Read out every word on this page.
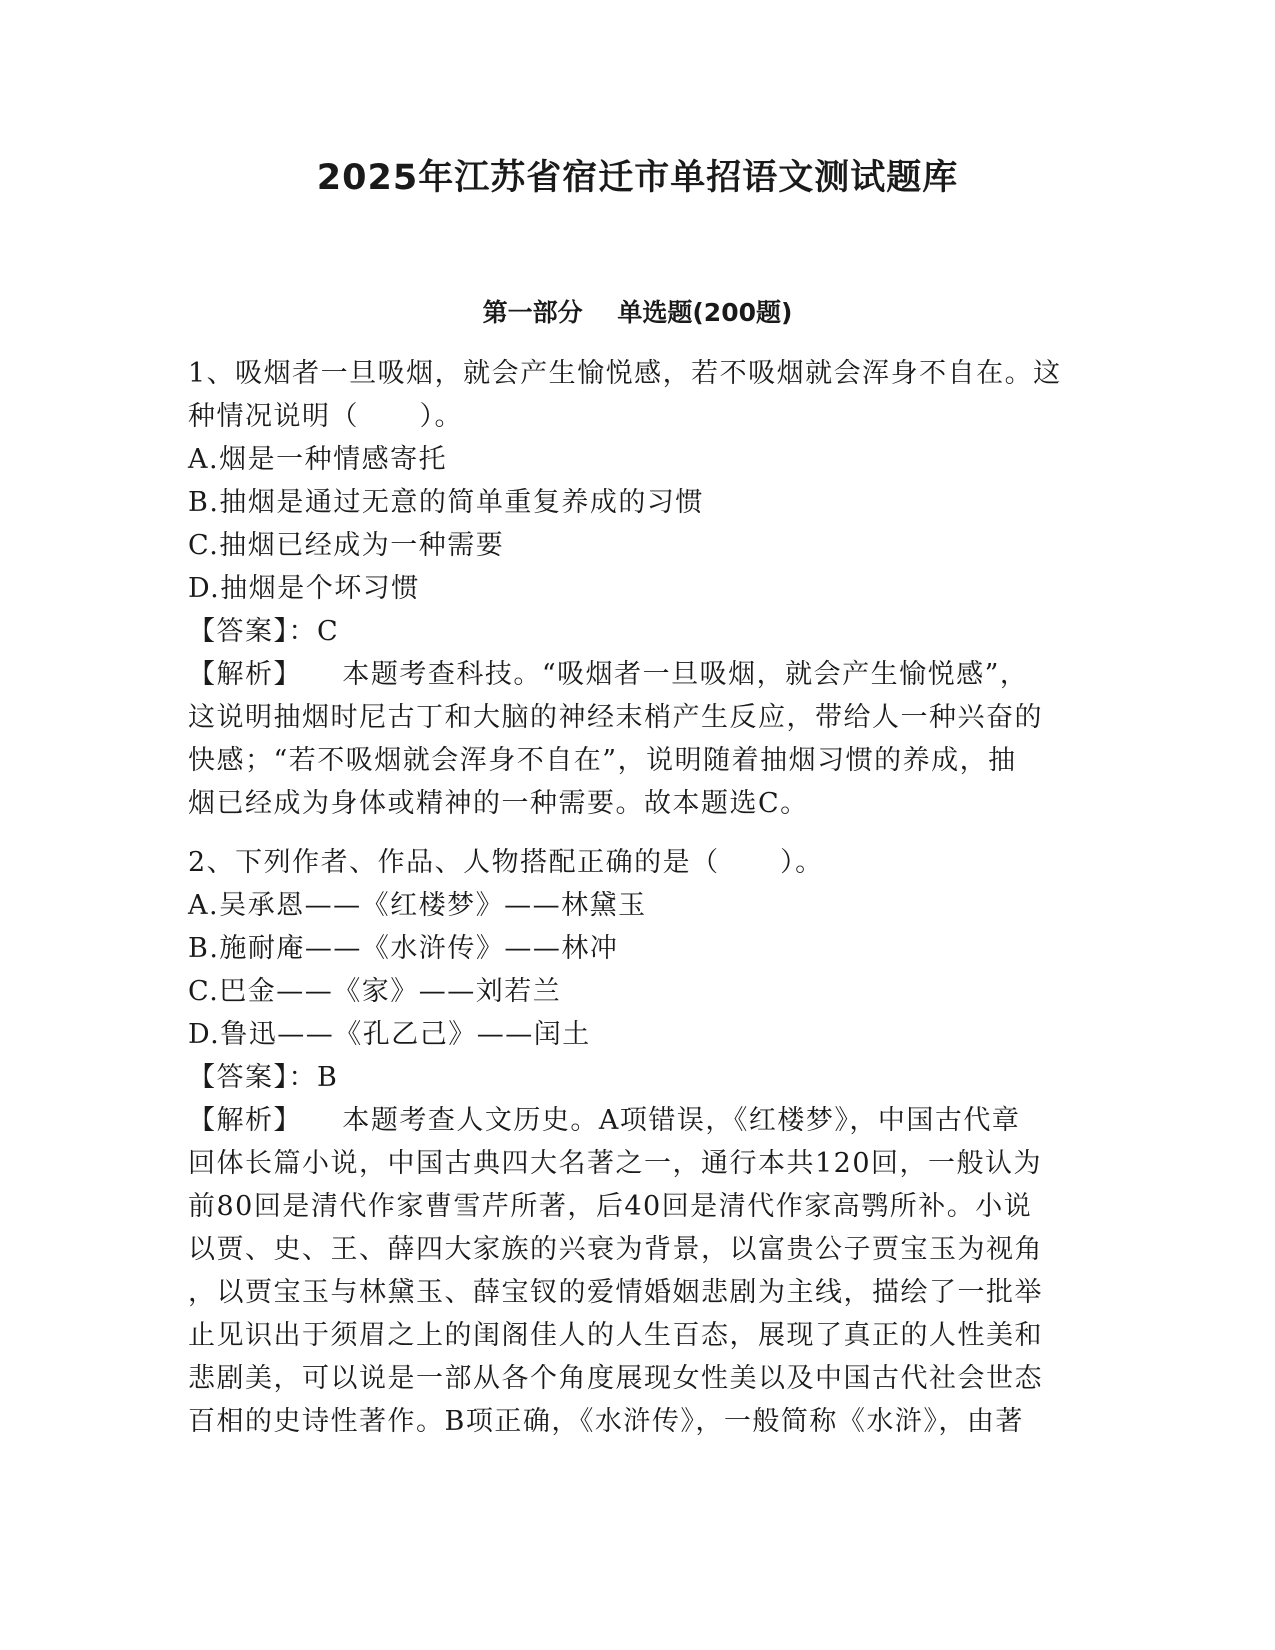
2025年江苏省宿迁市单招语文测试题库
第一部分    单选题(200题)

1、吸烟者一旦吸烟，就会产生愉悦感，若不吸烟就会浑身不自在。这

种情况说明（      ）。

A.烟是一种情感寄托

B.抽烟是通过无意的简单重复养成的习惯

C.抽烟已经成为一种需要

D.抽烟是个坏习惯

【答案】：C

【解析】    本题考查科技。“吸烟者一旦吸烟，就会产生愉悦感”，

这说明抽烟时尼古丁和大脑的神经末梢产生反应，带给人一种兴奋的

快感；“若不吸烟就会浑身不自在”，说明随着抽烟习惯的养成，抽

烟已经成为身体或精神的一种需要。故本题选C。

2、下列作者、作品、人物搭配正确的是（      ）。

A.吴承恩——《红楼梦》——林黛玉

B.施耐庵——《水浒传》——林冲

C.巴金——《家》——刘若兰

D.鲁迅——《孔乙己》——闰土

【答案】：B

【解析】    本题考查人文历史。A项错误，《红楼梦》，中国古代章

回体长篇小说，中国古典四大名著之一，通行本共120回，一般认为

前80回是清代作家曹雪芹所著，后40回是清代作家高鹗所补。小说

以贾、史、王、薛四大家族的兴衰为背景，以富贵公子贾宝玉为视角

，以贾宝玉与林黛玉、薛宝钗的爱情婚姻悲剧为主线，描绘了一批举

止见识出于须眉之上的闺阁佳人的人生百态，展现了真正的人性美和

悲剧美，可以说是一部从各个角度展现女性美以及中国古代社会世态

百相的史诗性著作。B项正确，《水浒传》，一般简称《水浒》，由著
